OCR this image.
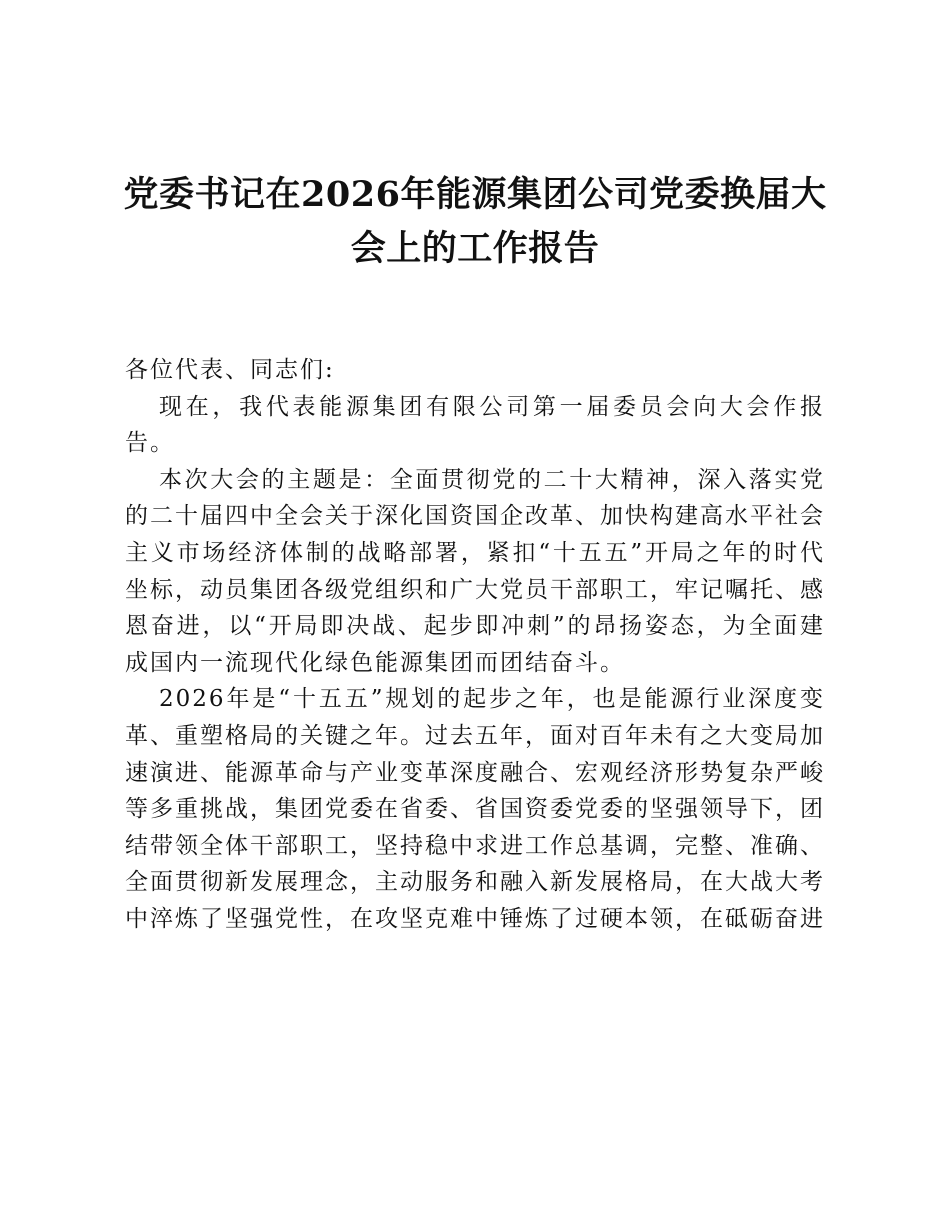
党委书记在2026年能源集团公司党委换届大会上的工作报告

各位代表、同志们:

现在，我代表能源集团有限公司第一届委员会向大会作报告。

本次大会的主题是：全面贯彻党的二十大精神，深入落实党的二十届四中全会关于深化国资国企改革、加快构建高水平社会主义市场经济体制的战略部署，紧扣“十五五”开局之年的时代坐标，动员集团各级党组织和广大党员干部职工，牢记嘱托、感恩奋进，以“开局即决战、起步即冲刺”的昂扬姿态，为全面建成国内一流现代化绿色能源集团而团结奋斗。

2026年是“十五五”规划的起步之年，也是能源行业深度变革、重塑格局的关键之年。过去五年，面对百年未有之大变局加速演进、能源革命与产业变革深度融合、宏观经济形势复杂严峻等多重挑战，集团党委在省委、省国资委党委的坚强领导下，团结带领全体干部职工，坚持稳中求进工作总基调，完整、准确、全面贯彻新发展理念，主动服务和融入新发展格局，在大战大考中淬炼了坚强党性，在攻坚克难中锤炼了过硬本领，在砥砺奋进
